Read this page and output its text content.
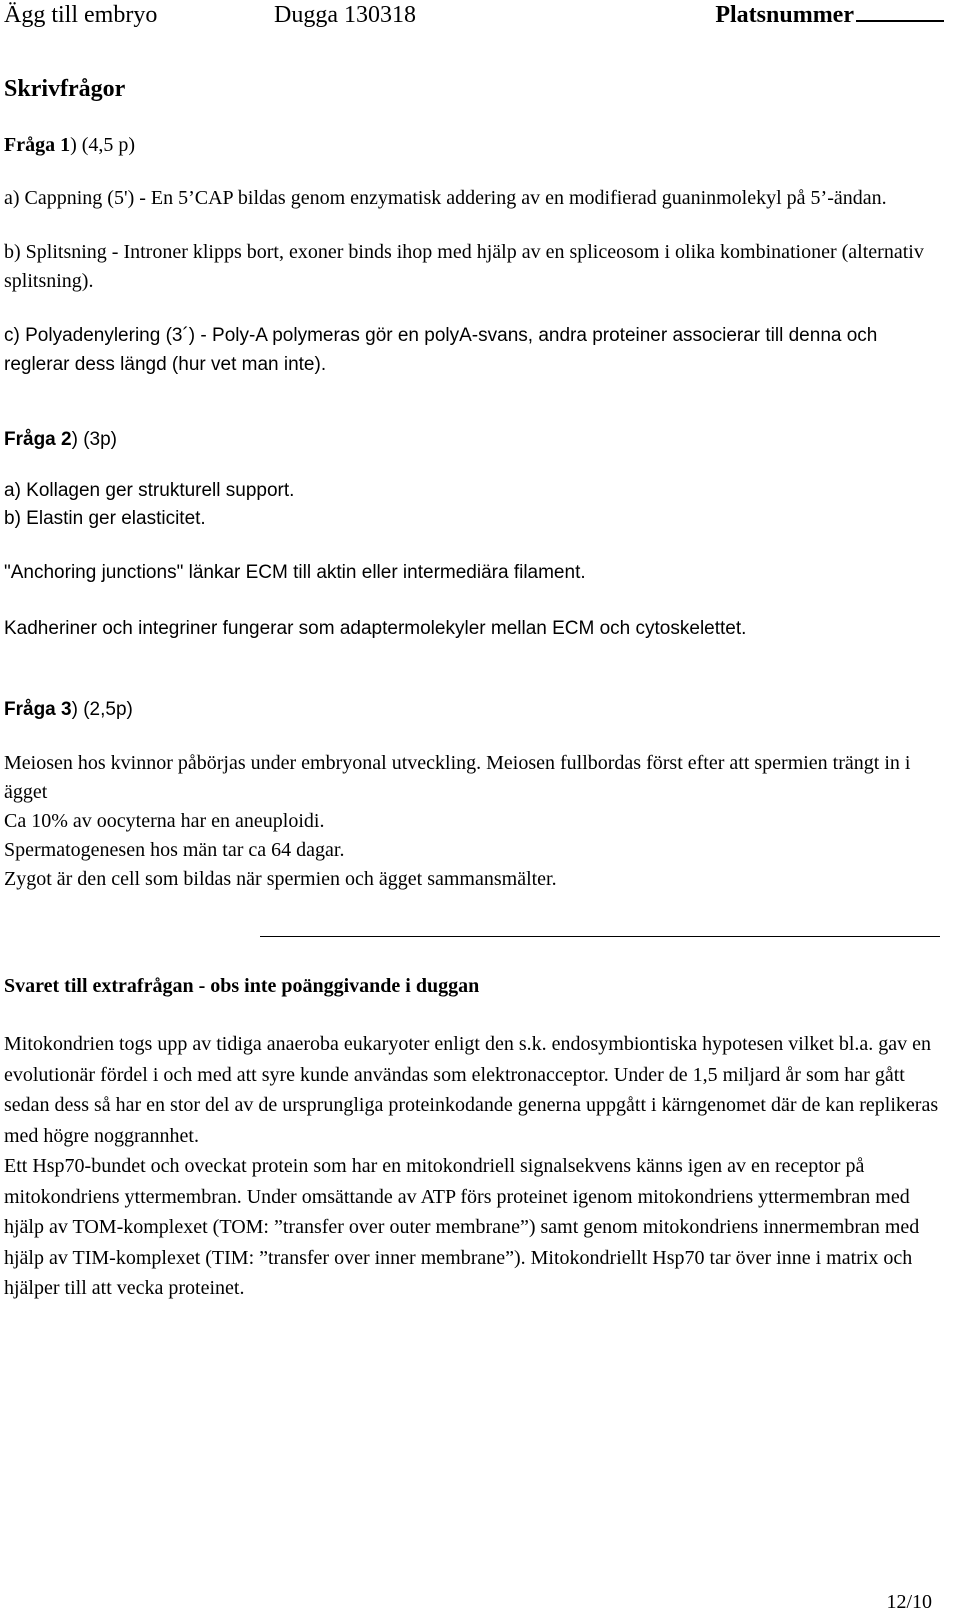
Ägg till embryo	Dugga 130318	Platsnummer
Skrivfrågor
Fråga 1) (4,5 p)

a) Cappning (5') - En 5’CAP bildas genom enzymatisk addering av en modifierad guaninmolekyl på 5’-ändan.

b) Splitsning - Introner klipps bort, exoner binds ihop med hjälp av en spliceosom i olika kombinationer (alternativ splitsning).

c) Polyadenylering (3´) - Poly-A polymeras gör en polyA-svans, andra proteiner associerar till denna och reglerar dess längd (hur vet man inte).

Fråga 2) (3p)

a) Kollagen ger strukturell support.

b) Elastin ger elasticitet.

"Anchoring junctions" länkar ECM till aktin eller intermediära filament.

Kadheriner och integriner fungerar som adaptermolekyler mellan ECM och cytoskelettet.

Fråga 3) (2,5p)

Meiosen hos kvinnor påbörjas under embryonal utveckling. Meiosen fullbordas först efter att spermien trängt in i ägget

Ca 10% av oocyterna har en aneuploidi.

Spermatogenesen hos män tar ca 64 dagar.

Zygot är den cell som bildas när spermien och ägget sammansmälter.

Svaret till extrafrågan - obs inte poänggivande i duggan

Mitokondrien togs upp av tidiga anaeroba eukaryoter enligt den s.k. endosymbiontiska hypotesen vilket bl.a. gav en evolutionär fördel i och med att syre kunde användas som elektronacceptor. Under de 1,5 miljard år som har gått sedan dess så har en stor del av de ursprungliga proteinkodande generna uppgått i kärngenomet där de kan replikeras med högre noggrannhet.

Ett Hsp70-bundet och oveckat protein som har en mitokondriell signalsekvens känns igen av en receptor på mitokondriens yttermembran. Under omsättande av ATP förs proteinet igenom mitokondriens yttermembran med hjälp av TOM-komplexet (TOM: ”transfer over outer membrane”) samt genom mitokondriens innermembran med hjälp av TIM-komplexet (TIM: ”transfer over inner membrane”). Mitokondriellt Hsp70 tar över inne i matrix och hjälper till att vecka proteinet.

12/10
